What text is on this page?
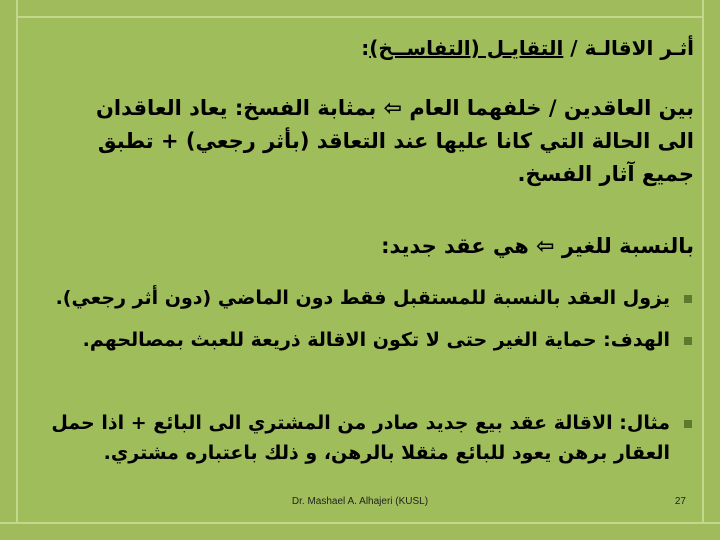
أثـر الاقالـة / التقايـل (التفاســخ):
بين العاقدين / خلفهما العام ⇦ بمثابة الفسخ: يعاد العاقدان
الى الحالة التي كانا عليها عند التعاقد (بأثر رجعي) + تطبق
جميع آثار الفسخ.
بالنسبة للغير ⇦ هي عقد جديد:
يزول العقد بالنسبة للمستقبل فقط دون الماضي (دون أثر رجعي).
الهدف: حماية الغير حتى لا تكون الاقالة ذريعة للعبث بمصالحهم.
مثال: الاقالة عقد بيع جديد صادر من المشتري الى البائع + اذا حمل
العقار برهن يعود للبائع مثقلا بالرهن، و ذلك باعتباره مشتري.
Dr. Mashael A. Alhajeri (KUSL)	27
